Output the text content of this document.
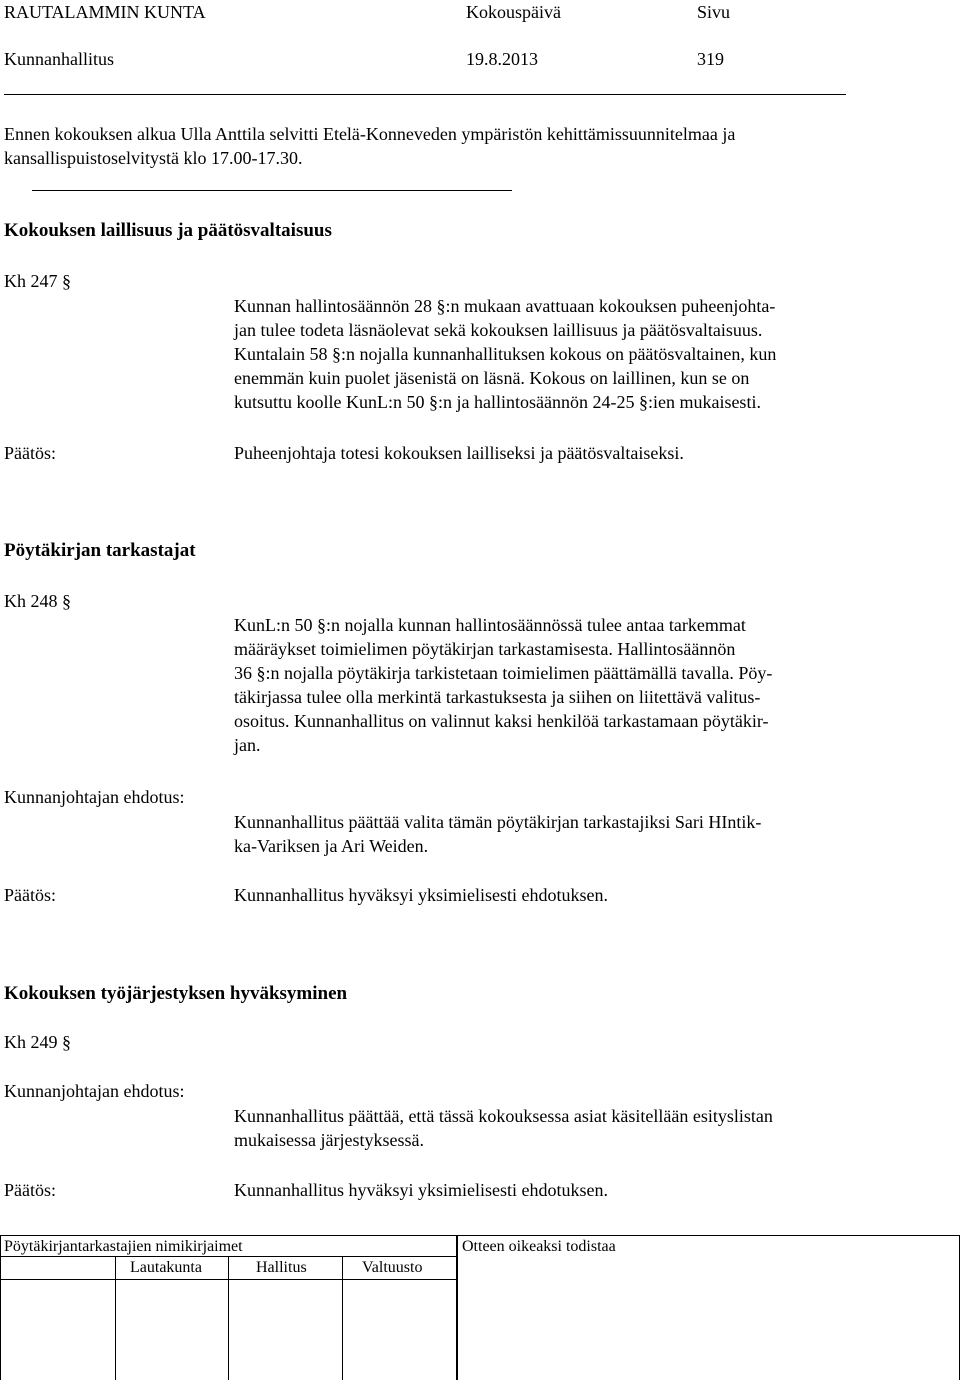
RAUTALAMMIN KUNTA	Kokouspäivä	Sivu
Kunnanhallitus	19.8.2013	319
Ennen kokouksen alkua Ulla Anttila selvitti Etelä-Konneveden ympäristön kehittämissuunnitelmaa ja
kansallispuistoselvitystä klo 17.00-17.30.
Kokouksen laillisuus ja päätösvaltaisuus
Kh 247 §

Kunnan hallintosäännön 28 §:n mukaan avattuaan kokouksen puheenjohta-

jan tulee todeta läsnäolevat sekä kokouksen laillisuus ja päätösvaltaisuus.

Kuntalain 58 §:n nojalla kunnanhallituksen kokous on päätösvaltainen, kun

enemmän kuin puolet jäsenistä on läsnä. Kokous on laillinen, kun se on

kutsuttu koolle KunL:n 50 §:n ja hallintosäännön 24-25 §:ien mukaisesti.

Päätös:	Puheenjohtaja totesi kokouksen lailliseksi ja päätösvaltaiseksi.
Pöytäkirjan tarkastajat
Kh 248 §

KunL:n 50 §:n nojalla kunnan hallintosäännössä tulee antaa tarkemmat

määräykset toimielimen pöytäkirjan tarkastamisesta. Hallintosäännön

36 §:n nojalla pöytäkirja tarkistetaan toimielimen päättämällä tavalla. Pöy-

täkirjassa tulee olla merkintä tarkastuksesta ja siihen on liitettävä valitus-

osoitus. Kunnanhallitus on valinnut kaksi henkilöä tarkastamaan pöytäkir-

jan.

Kunnanjohtajan ehdotus:

Kunnanhallitus päättää valita tämän pöytäkirjan tarkastajiksi Sari HIntik-

ka-Variksen ja Ari Weiden.

Päätös:	Kunnanhallitus hyväksyi yksimielisesti ehdotuksen.
Kokouksen työjärjestyksen hyväksyminen
Kh 249 §
Kunnanjohtajan ehdotus:

Kunnanhallitus päättää, että tässä kokouksessa asiat käsitellään esityslistan

mukaisessa järjestyksessä.

Päätös:	Kunnanhallitus hyväksyi yksimielisesti ehdotuksen.
Pöytäkirjantarkastajien nimikirjaimet
Lautakunta	Hallitus	Valtuusto
Otteen oikeaksi todistaa
